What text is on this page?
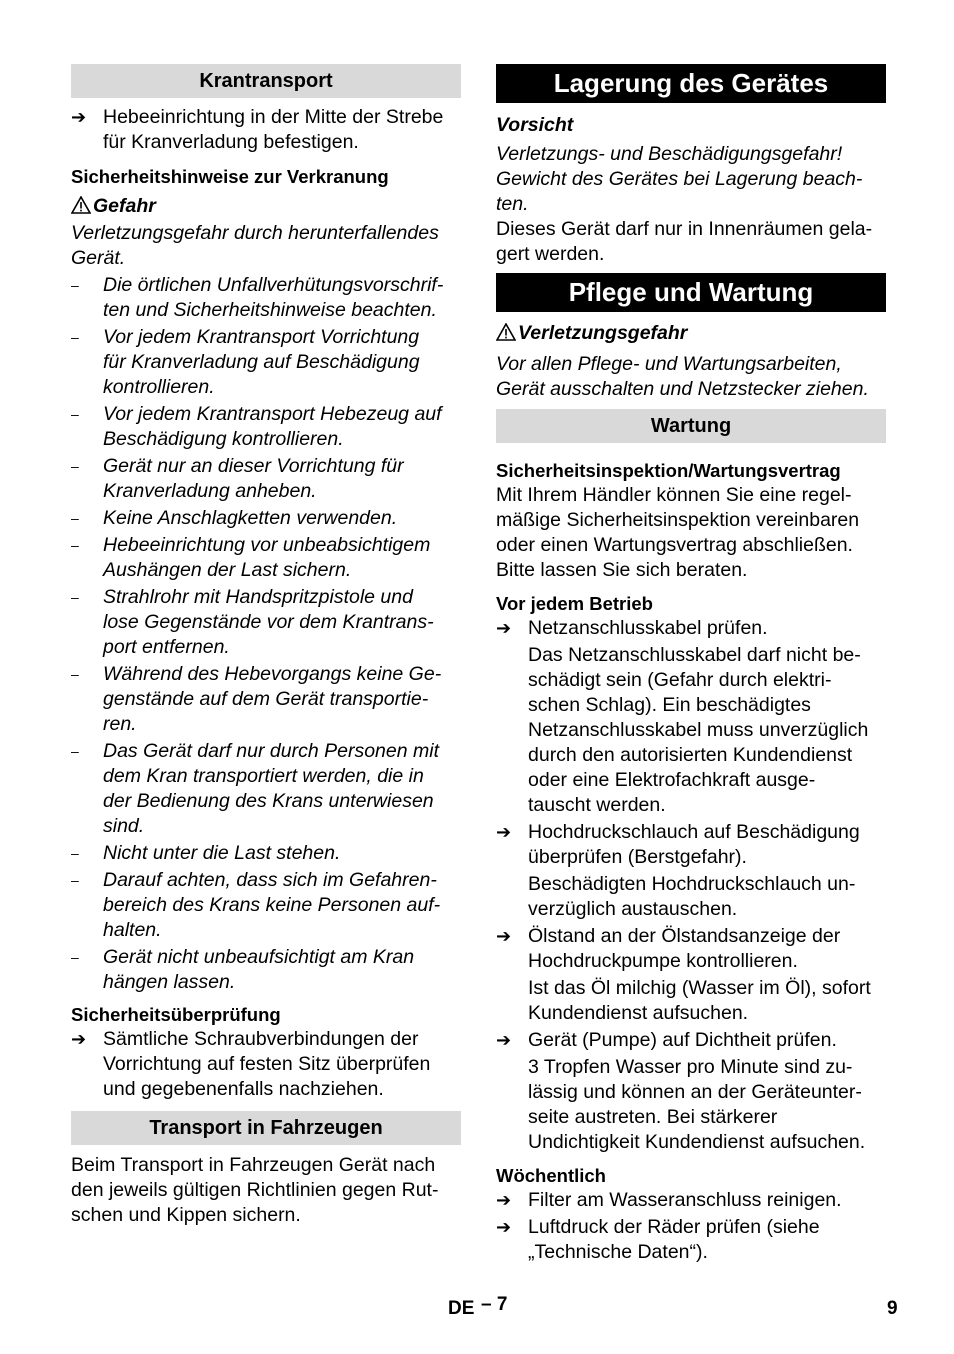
Krantransport
➔ Hebeeinrichtung in der Mitte der Strebe
für Kranverladung befestigen.
Sicherheitshinweise zur Verkranung
Gefahr
Verletzungsgefahr durch herunterfallendes
Gerät.
–	Die örtlichen Unfallverhütungsvorschrif-
ten und Sicherheitshinweise beachten.
–	Vor jedem Krantransport Vorrichtung
für Kranverladung auf Beschädigung
kontrollieren.
–	Vor jedem Krantransport Hebezeug auf
Beschädigung kontrollieren.
–	Gerät nur an dieser Vorrichtung für
Kranverladung anheben.
–	Keine Anschlagketten verwenden.
–	Hebeeinrichtung vor unbeabsichtigem
Aushängen der Last sichern.
–	Strahlrohr mit Handspritzpistole und
lose Gegenstände vor dem Krantrans-
port entfernen.
–	Während des Hebevorgangs keine Ge-
genstände auf dem Gerät transportie-
ren.
–	Das Gerät darf nur durch Personen mit
dem Kran transportiert werden, die in
der Bedienung des Krans unterwiesen
sind.
–	Nicht unter die Last stehen.
–	Darauf achten, dass sich im Gefahren-
bereich des Krans keine Personen auf-
halten.
–	Gerät nicht unbeaufsichtigt am Kran
hängen lassen.
Sicherheitsüberprüfung
➔ Sämtliche Schraubverbindungen der
Vorrichtung auf festen Sitz überprüfen
und gegebenenfalls nachziehen.
Transport in Fahrzeugen
Beim Transport in Fahrzeugen Gerät nach
den jeweils gültigen Richtlinien gegen Rut-
schen und Kippen sichern.
Lagerung des Gerätes
Vorsicht
Verletzungs- und Beschädigungsgefahr!
Gewicht des Gerätes bei Lagerung beach-
ten.
Dieses Gerät darf nur in Innenräumen gela-
gert werden.
Pflege und Wartung
Verletzungsgefahr
Vor allen Pflege- und Wartungsarbeiten,
Gerät ausschalten und Netzstecker ziehen.
Wartung
Sicherheitsinspektion/Wartungsvertrag
Mit Ihrem Händler können Sie eine regel-
mäßige Sicherheitsinspektion vereinbaren
oder einen Wartungsvertrag abschließen.
Bitte lassen Sie sich beraten.
Vor jedem Betrieb
➔ Netzanschlusskabel prüfen.
Das Netzanschlusskabel darf nicht be-
schädigt sein (Gefahr durch elektri-
schen Schlag). Ein beschädigtes
Netzanschlusskabel muss unverzüglich
durch den autorisierten Kundendienst
oder eine Elektrofachkraft ausge-
tauscht werden.
➔ Hochdruckschlauch auf Beschädigung
überprüfen (Berstgefahr).
Beschädigten Hochdruckschlauch un-
verzüglich austauschen.
➔ Ölstand an der Ölstandsanzeige der
Hochdruckpumpe kontrollieren.
Ist das Öl milchig (Wasser im Öl), sofort
Kundendienst aufsuchen.
➔ Gerät (Pumpe) auf Dichtheit prüfen.
3 Tropfen Wasser pro Minute sind zu-
lässig und können an der Geräteunter-
seite austreten. Bei stärkerer
Undichtigkeit Kundendienst aufsuchen.
Wöchentlich
➔ Filter am Wasseranschluss reinigen.
➔ Luftdruck der Räder prüfen (siehe
„Technische Daten“).
DE – 7	9
